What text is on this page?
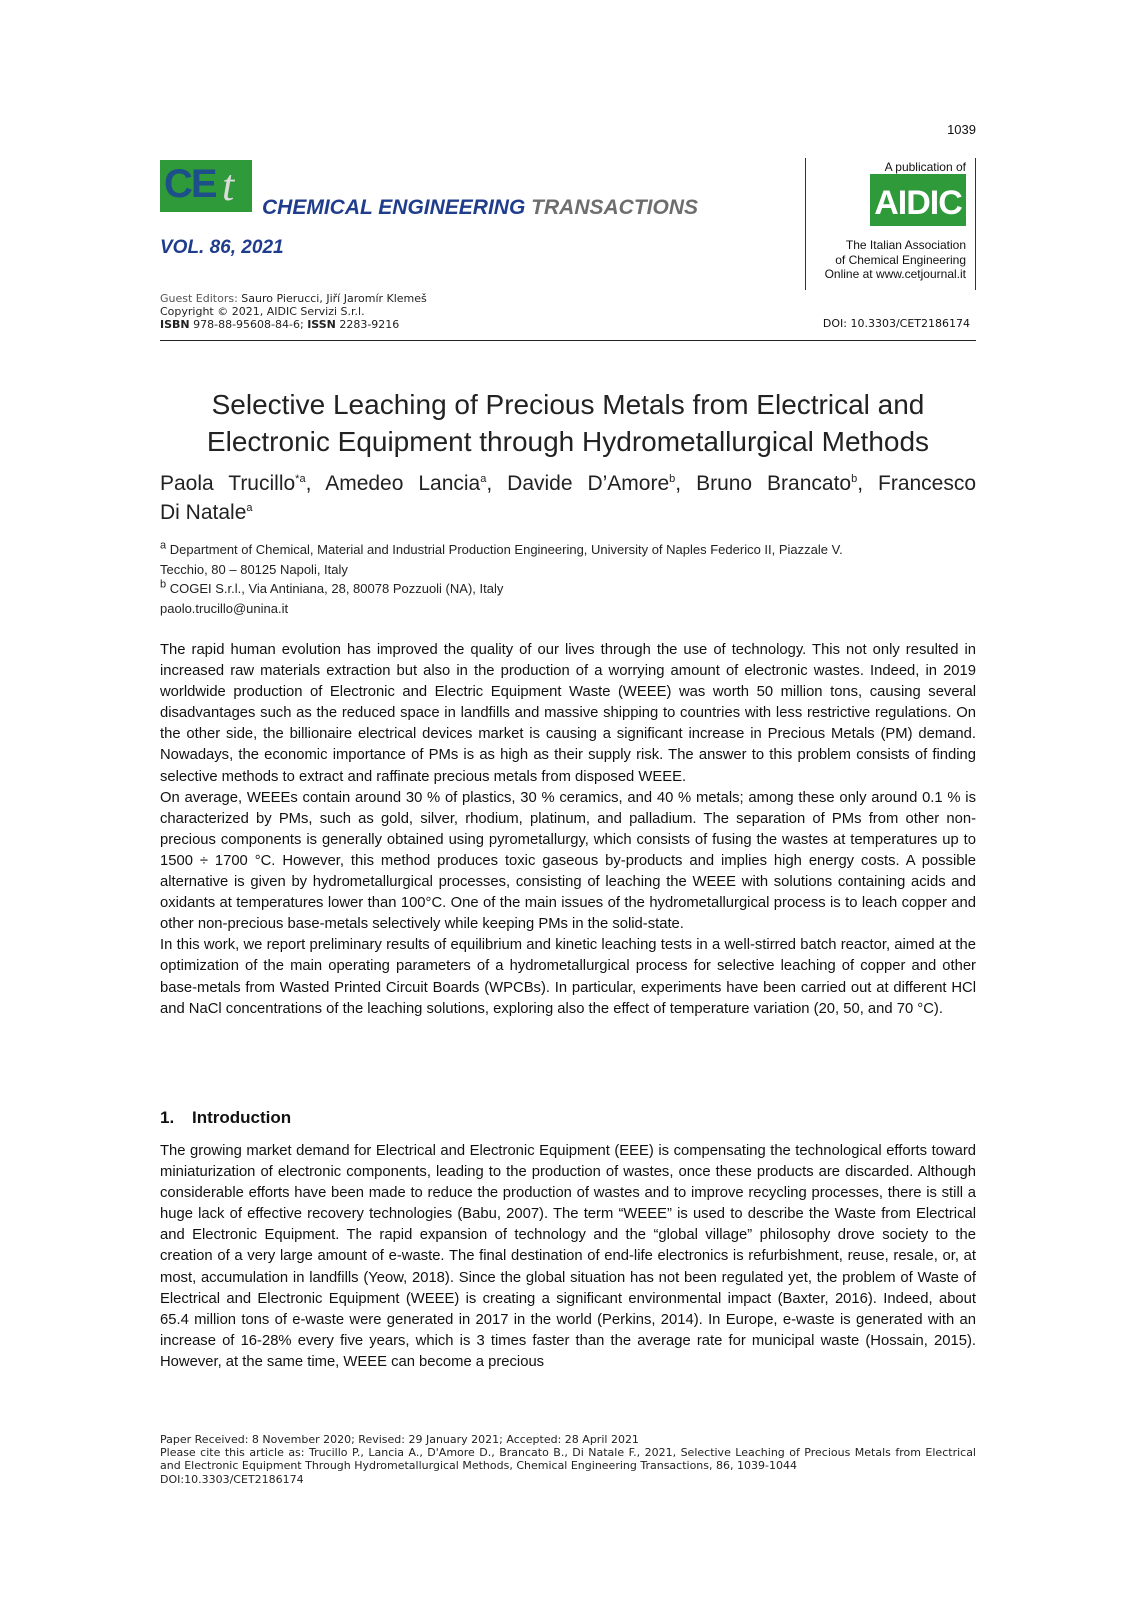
1039
CE t CHEMICAL ENGINEERING TRANSACTIONS
VOL. 86, 2021
A publication of
AIDIC
The Italian Association
of Chemical Engineering
Online at www.cetjournal.it
Guest Editors: Sauro Pierucci, Jiří Jaromír Klemeš
Copyright © 2021, AIDIC Servizi S.r.l.
ISBN 978-88-95608-84-6; ISSN 2283-9216	DOI: 10.3303/CET2186174
Selective Leaching of Precious Metals from Electrical and
Electronic Equipment through Hydrometallurgical Methods
Paola Trucillo$^{*a}$, Amedeo Lancia$^a$, Davide D’Amore$^b$, Bruno Brancato$^b$, Francesco
Di Natale$^a$
$^a$ Department of Chemical, Material and Industrial Production Engineering, University of Naples Federico II, Piazzale V.
Tecchio, 80 – 80125 Napoli, Italy
$^b$ COGEI S.r.l., Via Antiniana, 28, 80078 Pozzuoli (NA), Italy
paolo.trucillo@unina.it
The rapid human evolution has improved the quality of our lives through the use of technology. This not only resulted in increased raw materials extraction but also in the production of a worrying amount of electronic wastes. Indeed, in 2019 worldwide production of Electronic and Electric Equipment Waste (WEEE) was worth 50 million tons, causing several disadvantages such as the reduced space in landfills and massive shipping to countries with less restrictive regulations. On the other side, the billionaire electrical devices market is causing a significant increase in Precious Metals (PM) demand. Nowadays, the economic importance of PMs is as high as their supply risk. The answer to this problem consists of finding selective methods to extract and raffinate precious metals from disposed WEEE.
On average, WEEEs contain around 30 % of plastics, 30 % ceramics, and 40 % metals; among these only around 0.1 % is characterized by PMs, such as gold, silver, rhodium, platinum, and palladium. The separation of PMs from other non-precious components is generally obtained using pyrometallurgy, which consists of fusing the wastes at temperatures up to 1500 ÷ 1700 °C. However, this method produces toxic gaseous by-products and implies high energy costs. A possible alternative is given by hydrometallurgical processes, consisting of leaching the WEEE with solutions containing acids and oxidants at temperatures lower than 100°C. One of the main issues of the hydrometallurgical process is to leach copper and other non-precious base-metals selectively while keeping PMs in the solid-state.
In this work, we report preliminary results of equilibrium and kinetic leaching tests in a well-stirred batch reactor, aimed at the optimization of the main operating parameters of a hydrometallurgical process for selective leaching of copper and other base-metals from Wasted Printed Circuit Boards (WPCBs). In particular, experiments have been carried out at different HCl and NaCl concentrations of the leaching solutions, exploring also the effect of temperature variation (20, 50, and 70 °C).
1. Introduction
The growing market demand for Electrical and Electronic Equipment (EEE) is compensating the technological efforts toward miniaturization of electronic components, leading to the production of wastes, once these products are discarded. Although considerable efforts have been made to reduce the production of wastes and to improve recycling processes, there is still a huge lack of effective recovery technologies (Babu, 2007). The term “WEEE” is used to describe the Waste from Electrical and Electronic Equipment. The rapid expansion of technology and the “global village” philosophy drove society to the creation of a very large amount of e-waste. The final destination of end-life electronics is refurbishment, reuse, resale, or, at most, accumulation in landfills (Yeow, 2018). Since the global situation has not been regulated yet, the problem of Waste of Electrical and Electronic Equipment (WEEE) is creating a significant environmental impact (Baxter, 2016). Indeed, about 65.4 million tons of e-waste were generated in 2017 in the world (Perkins, 2014). In Europe, e-waste is generated with an increase of 16-28% every five years, which is 3 times faster than the average rate for municipal waste (Hossain, 2015). However, at the same time, WEEE can become a precious
Paper Received: 8 November 2020; Revised: 29 January 2021; Accepted: 28 April 2021
Please cite this article as: Trucillo P., Lancia A., D'Amore D., Brancato B., Di Natale F., 2021, Selective Leaching of Precious Metals from Electrical and Electronic Equipment Through Hydrometallurgical Methods, Chemical Engineering Transactions, 86, 1039-1044
DOI:10.3303/CET2186174
